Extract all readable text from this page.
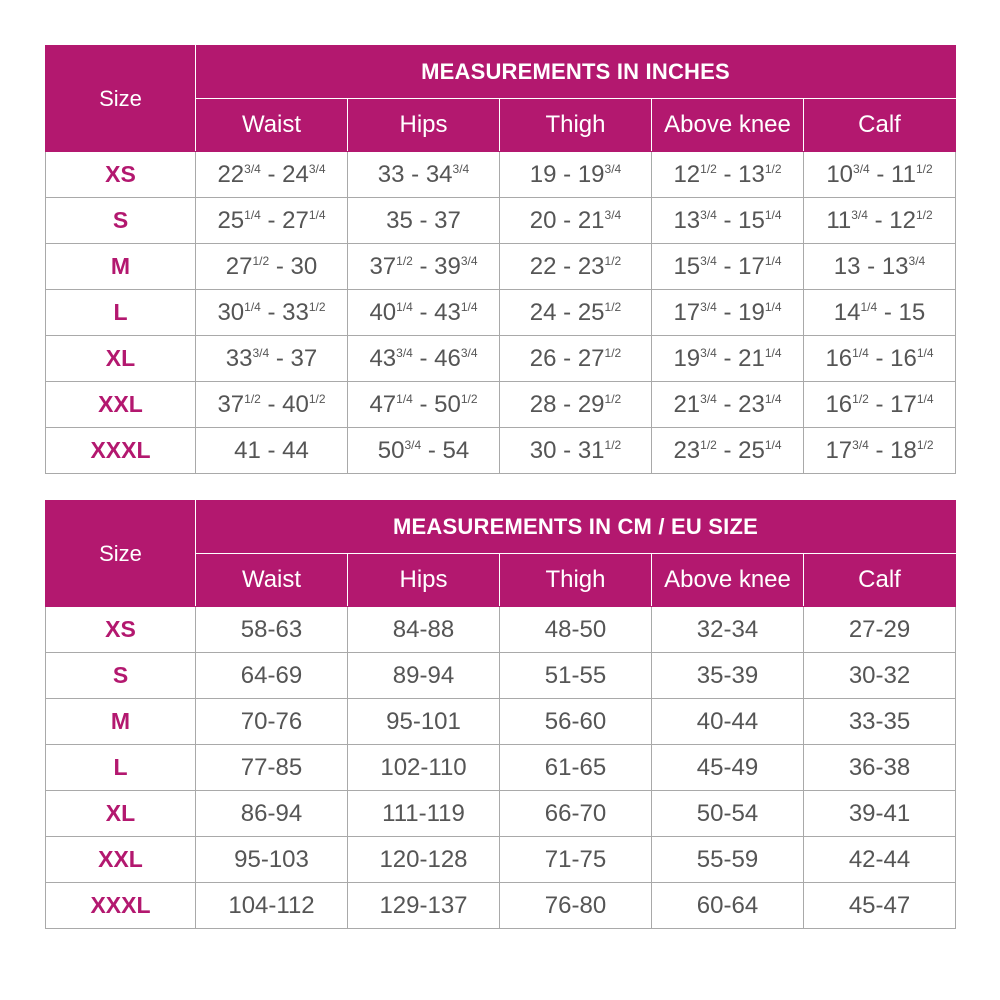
Size	MEASUREMENTS IN INCHES				
	Waist	Hips	Thigh	Above knee	Calf
XS	$22^{3/4} - 24^{3/4}$	$33 - 34^{3/4}$	$19 - 19^{3/4}$	$12^{1/2} - 13^{1/2}$	$10^{3/4} - 11^{1/2}$
S	$25^{1/4} - 27^{1/4}$	35 - 37	$20 - 21^{3/4}$	$13^{3/4} - 15^{1/4}$	$11^{3/4} - 12^{1/2}$
M	$27^{1/2} - 30$	$37^{1/2} - 39^{3/4}$	$22 - 23^{1/2}$	$15^{3/4} - 17^{1/4}$	$13 - 13^{3/4}$
L	$30^{1/4} - 33^{1/2}$	$40^{1/4} - 43^{1/4}$	$24 - 25^{1/2}$	$17^{3/4} - 19^{1/4}$	$14^{1/4} - 15$
XL	$33^{3/4} - 37$	$43^{3/4} - 46^{3/4}$	$26 - 27^{1/2}$	$19^{3/4} - 21^{1/4}$	$16^{1/4} - 16^{1/4}$
XXL	$37^{1/2} - 40^{1/2}$	$47^{1/4} - 50^{1/2}$	$28 - 29^{1/2}$	$21^{3/4} - 23^{1/4}$	$16^{1/2} - 17^{1/4}$
XXXL	41 - 44	$50^{3/4} - 54$	$30 - 31^{1/2}$	$23^{1/2} - 25^{1/4}$	$17^{3/4} - 18^{1/2}$
Size	MEASUREMENTS IN CM / EU SIZE				
	Waist	Hips	Thigh	Above knee	Calf
XS	58-63	84-88	48-50	32-34	27-29
S	64-69	89-94	51-55	35-39	30-32
M	70-76	95-101	56-60	40-44	33-35
L	77-85	102-110	61-65	45-49	36-38
XL	86-94	111-119	66-70	50-54	39-41
XXL	95-103	120-128	71-75	55-59	42-44
XXXL	104-112	129-137	76-80	60-64	45-47
